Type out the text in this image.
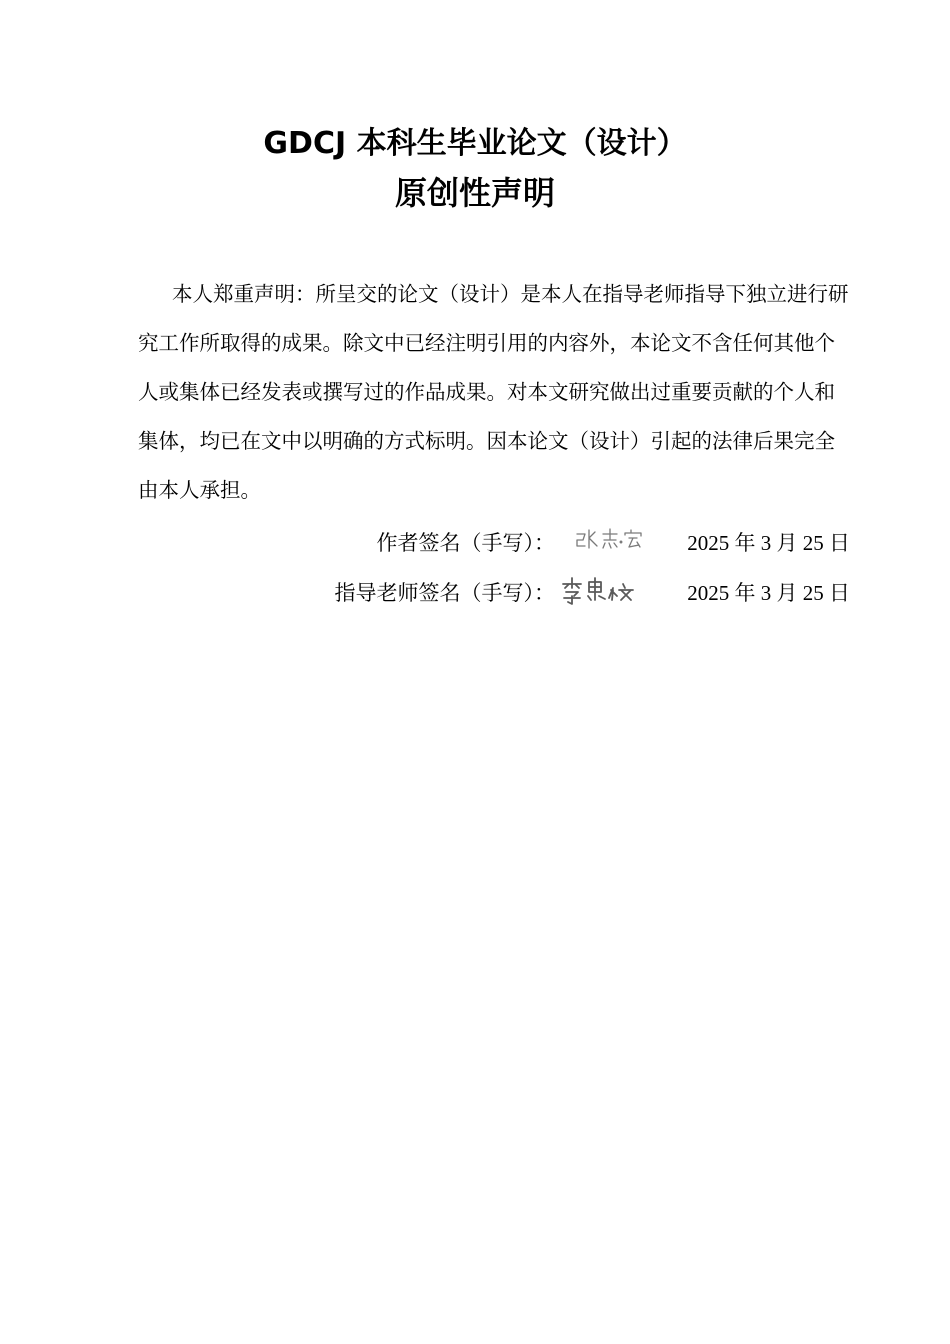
GDCJ 本科生毕业论文（设计）
原创性声明

本人郑重声明：所呈交的论文（设计）是本人在指导老师指导下独立进行研究工作所取得的成果。除文中已经注明引用的内容外，本论文不含任何其他个人或集体已经发表或撰写过的作品成果。对本文研究做出过重要贡献的个人和集体，均已在文中以明确的方式标明。因本论文（设计）引起的法律后果完全由本人承担。

作者签名（手写）：	2025 年 3 月 25 日
指导老师签名（手写）：	2025 年 3 月 25 日
